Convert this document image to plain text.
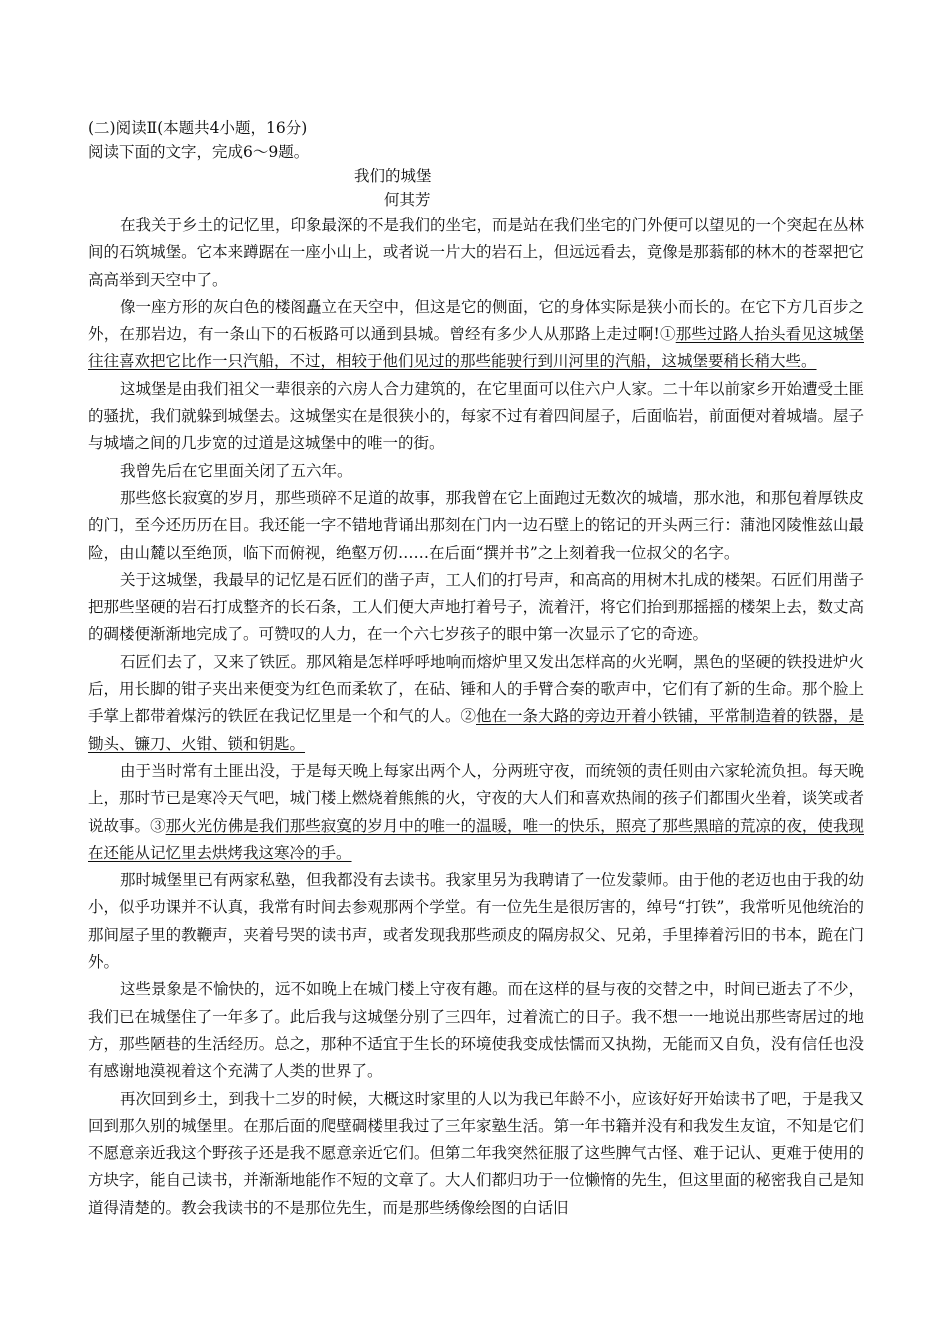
(二)阅读Ⅱ(本题共4小题，16分)
阅读下面的文字，完成6～9题。
我们的城堡
何其芳

在我关于乡土的记忆里，印象最深的不是我们的坐宅，而是站在我们坐宅的门外便可以望见的一个突起在丛林间的石筑城堡。它本来蹲踞在一座小山上，或者说一片大的岩石上，但远远看去，竟像是那蓊郁的林木的苍翠把它高高举到天空中了。

像一座方形的灰白色的楼阁矗立在天空中，但这是它的侧面，它的身体实际是狭小而长的。在它下方几百步之外，在那岩边，有一条山下的石板路可以通到县城。曾经有多少人从那路上走过啊!①那些过路人抬头看见这城堡往往喜欢把它比作一只汽船，不过，相较于他们见过的那些能驶行到川河里的汽船，这城堡要稍长稍大些。

这城堡是由我们祖父一辈很亲的六房人合力建筑的，在它里面可以住六户人家。二十年以前家乡开始遭受土匪的骚扰，我们就躲到城堡去。这城堡实在是很狭小的，每家不过有着四间屋子，后面临岩，前面便对着城墙。屋子与城墙之间的几步宽的过道是这城堡中的唯一的街。

我曾先后在它里面关闭了五六年。

那些悠长寂寞的岁月，那些琐碎不足道的故事，那我曾在它上面跑过无数次的城墙，那水池，和那包着厚铁皮的门，至今还历历在目。我还能一字不错地背诵出那刻在门内一边石壁上的铭记的开头两三行：蒲池冈陵惟兹山最险，由山麓以至绝顶，临下而俯视，绝壑万仞……在后面“撰并书”之上刻着我一位叔父的名字。

关于这城堡，我最早的记忆是石匠们的凿子声，工人们的打号声，和高高的用树木扎成的楼架。石匠们用凿子把那些坚硬的岩石打成整齐的长石条，工人们便大声地打着号子，流着汗，将它们抬到那摇摇的楼架上去，数丈高的碉楼便渐渐地完成了。可赞叹的人力，在一个六七岁孩子的眼中第一次显示了它的奇迹。

石匠们去了，又来了铁匠。那风箱是怎样呼呼地响而熔炉里又发出怎样高的火光啊，黑色的坚硬的铁投进炉火后，用长脚的钳子夹出来便变为红色而柔软了，在砧、锤和人的手臂合奏的歌声中，它们有了新的生命。那个脸上手掌上都带着煤污的铁匠在我记忆里是一个和气的人。②他在一条大路的旁边开着小铁铺，平常制造着的铁器，是锄头、镰刀、火钳、锁和钥匙。

由于当时常有土匪出没，于是每天晚上每家出两个人，分两班守夜，而统领的责任则由六家轮流负担。每天晚上，那时节已是寒冷天气吧，城门楼上燃烧着熊熊的火，守夜的大人们和喜欢热闹的孩子们都围火坐着，谈笑或者说故事。③那火光仿佛是我们那些寂寞的岁月中的唯一的温暖，唯一的快乐，照亮了那些黑暗的荒凉的夜，使我现在还能从记忆里去烘烤我这寒冷的手。

那时城堡里已有两家私塾，但我都没有去读书。我家里另为我聘请了一位发蒙师。由于他的老迈也由于我的幼小，似乎功课并不认真，我常有时间去参观那两个学堂。有一位先生是很厉害的，绰号“打铁”，我常听见他统治的那间屋子里的教鞭声，夹着号哭的读书声，或者发现我那些顽皮的隔房叔父、兄弟，手里捧着污旧的书本，跪在门外。

这些景象是不愉快的，远不如晚上在城门楼上守夜有趣。而在这样的昼与夜的交替之中，时间已逝去了不少，我们已在城堡住了一年多了。此后我与这城堡分别了三四年，过着流亡的日子。我不想一一地说出那些寄居过的地方，那些陋巷的生活经历。总之，那种不适宜于生长的环境使我变成怯懦而又执拗，无能而又自负，没有信任也没有感谢地漠视着这个充满了人类的世界了。

再次回到乡土，到我十二岁的时候，大概这时家里的人以为我已年龄不小，应该好好开始读书了吧，于是我又回到那久别的城堡里。在那后面的爬壁碉楼里我过了三年家塾生活。第一年书籍并没有和我发生友谊，不知是它们不愿意亲近我这个野孩子还是我不愿意亲近它们。但第二年我突然征服了这些脾气古怪、难于记认、更难于使用的方块字，能自己读书，并渐渐地能作不短的文章了。大人们都归功于一位懒惰的先生，但这里面的秘密我自己是知道得清楚的。教会我读书的不是那位先生，而是那些绣像绘图的白话旧
